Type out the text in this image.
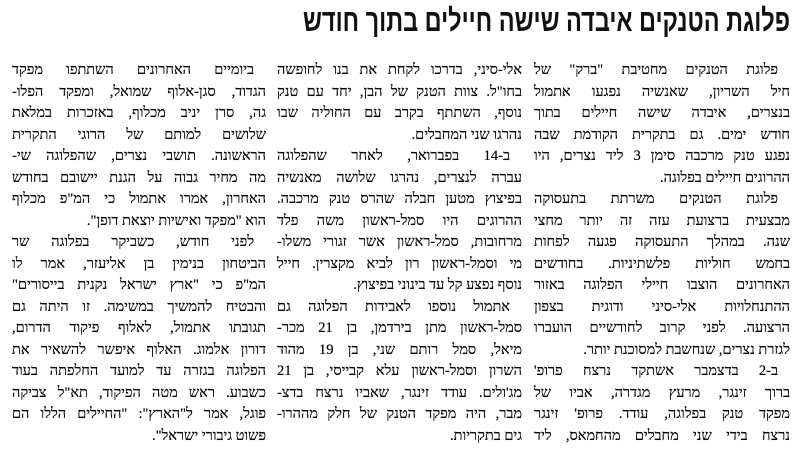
פלוגת הטנקים איבדה שישה חיילים בתוך חודש
פלוגת הטנקים מחטיבת "ברק" של
חיל השריון, שאנשיה נפגעו אתמול
בנצרים, איבדה שישה חיילים בתוך
חודש ימים. גם בתקרית הקודמת שבה
נפגע טנק מרכבה סימן 3 ליד נצרים, היו
ההרוגים חיילים בפלוגה.
פלוגת הטנקים משרתת בתעסוקה
מבצעית ברצועת עזה זה יותר מחצי
שנה. במהלך התעסוקה פגעה לפחות
בחמש חוליות פלשתיניות. בחודשים
האחרונים הוצבו חיילי הפלוגה באזור
ההתנחלויות אלי-סיני ודוגית בצפון
הרצועה. לפני קרוב לחודשיים הועברו
לגזרת נצרים, שנחשבת למסוכנת יותר.
ב-2 בדצמבר אשתקד נרצח פרופ'
ברוך זינגר, מרעץ מגדרה, אביו של
מפקד טנק בפלוגה, עודד. פרופ' זינגר
נרצח בידי שני מחבלים מהחמאס, ליד
אלי-סיני, בדרכו לקחת את בנו לחופשה
בחו"ל. צוות הטנק של הבן, יחד עם טנק
נוסף, השתתף בקרב עם החוליה שבו
נהרגו שני המחבלים.
ב-14 בפברואר, לאחר שהפלוגה
עברה לנצרים, נהרגו שלושה מאנשיה
בפיצוץ מטען חבלה שהרס טנק מרכבה.
ההרוגים היו סמל-ראשון משה פלד
מרחובות, סמל-ראשון אשר זגורי משלו-
מי וסמל-ראשון רון לביא מקצרין. חייל
נוסף נפצע קל עד בינוני בפיצוץ.
אתמול נוספו לאבידות הפלוגה גם
סמל-ראשון מתן בירדמן, בן 21 מכר-
מיאל, סמל רותם שני, בן 19 מהוד
השרון וסמל-ראשון עלא קבייסי, בן 21
מג'ולים. עודד זינגר, שאביו נרצח בדצ-
מבר, היה מפקד הטנק של חלק מההרו-
גים בתקריות.
ביומיים האחרונים השתתפו מפקד
הגדוד, סגן-אלוף שמואל, ומפקד הפלו-
גה, סרן יניב מכלוף, באזכרות במלאת
שלושים למותם של הרוגי התקרית
הראשונה. תושבי נצרים, שהפלוגה שי-
מה מחיר גבוה על הגנת יישובם בחודש
האחרון, אמרו אתמול כי המ"פ מכלוף
הוא "מפקד ואישיות יוצאת דופן".
לפני חודש, כשביקר בפלוגה שר
הביטחון בנימין בן אליעזר, אמר לו
המ"פ כי "ארץ ישראל נקנית בייסורים"
והבטיח להמשיך במשימה. זו היתה גם
תגובתו אתמול, לאלוף פיקוד הדרום,
דורון אלמוג. האלוף איפשר להשאיר את
הפלוגה בגזרה עד למועד החלפתה בעוד
כשבוע. ראש מטה הפיקוד, תא"ל צביקה
פוגל, אמר ל"הארץ": "החיילים הללו הם
פשוט גיבורי ישראל".
